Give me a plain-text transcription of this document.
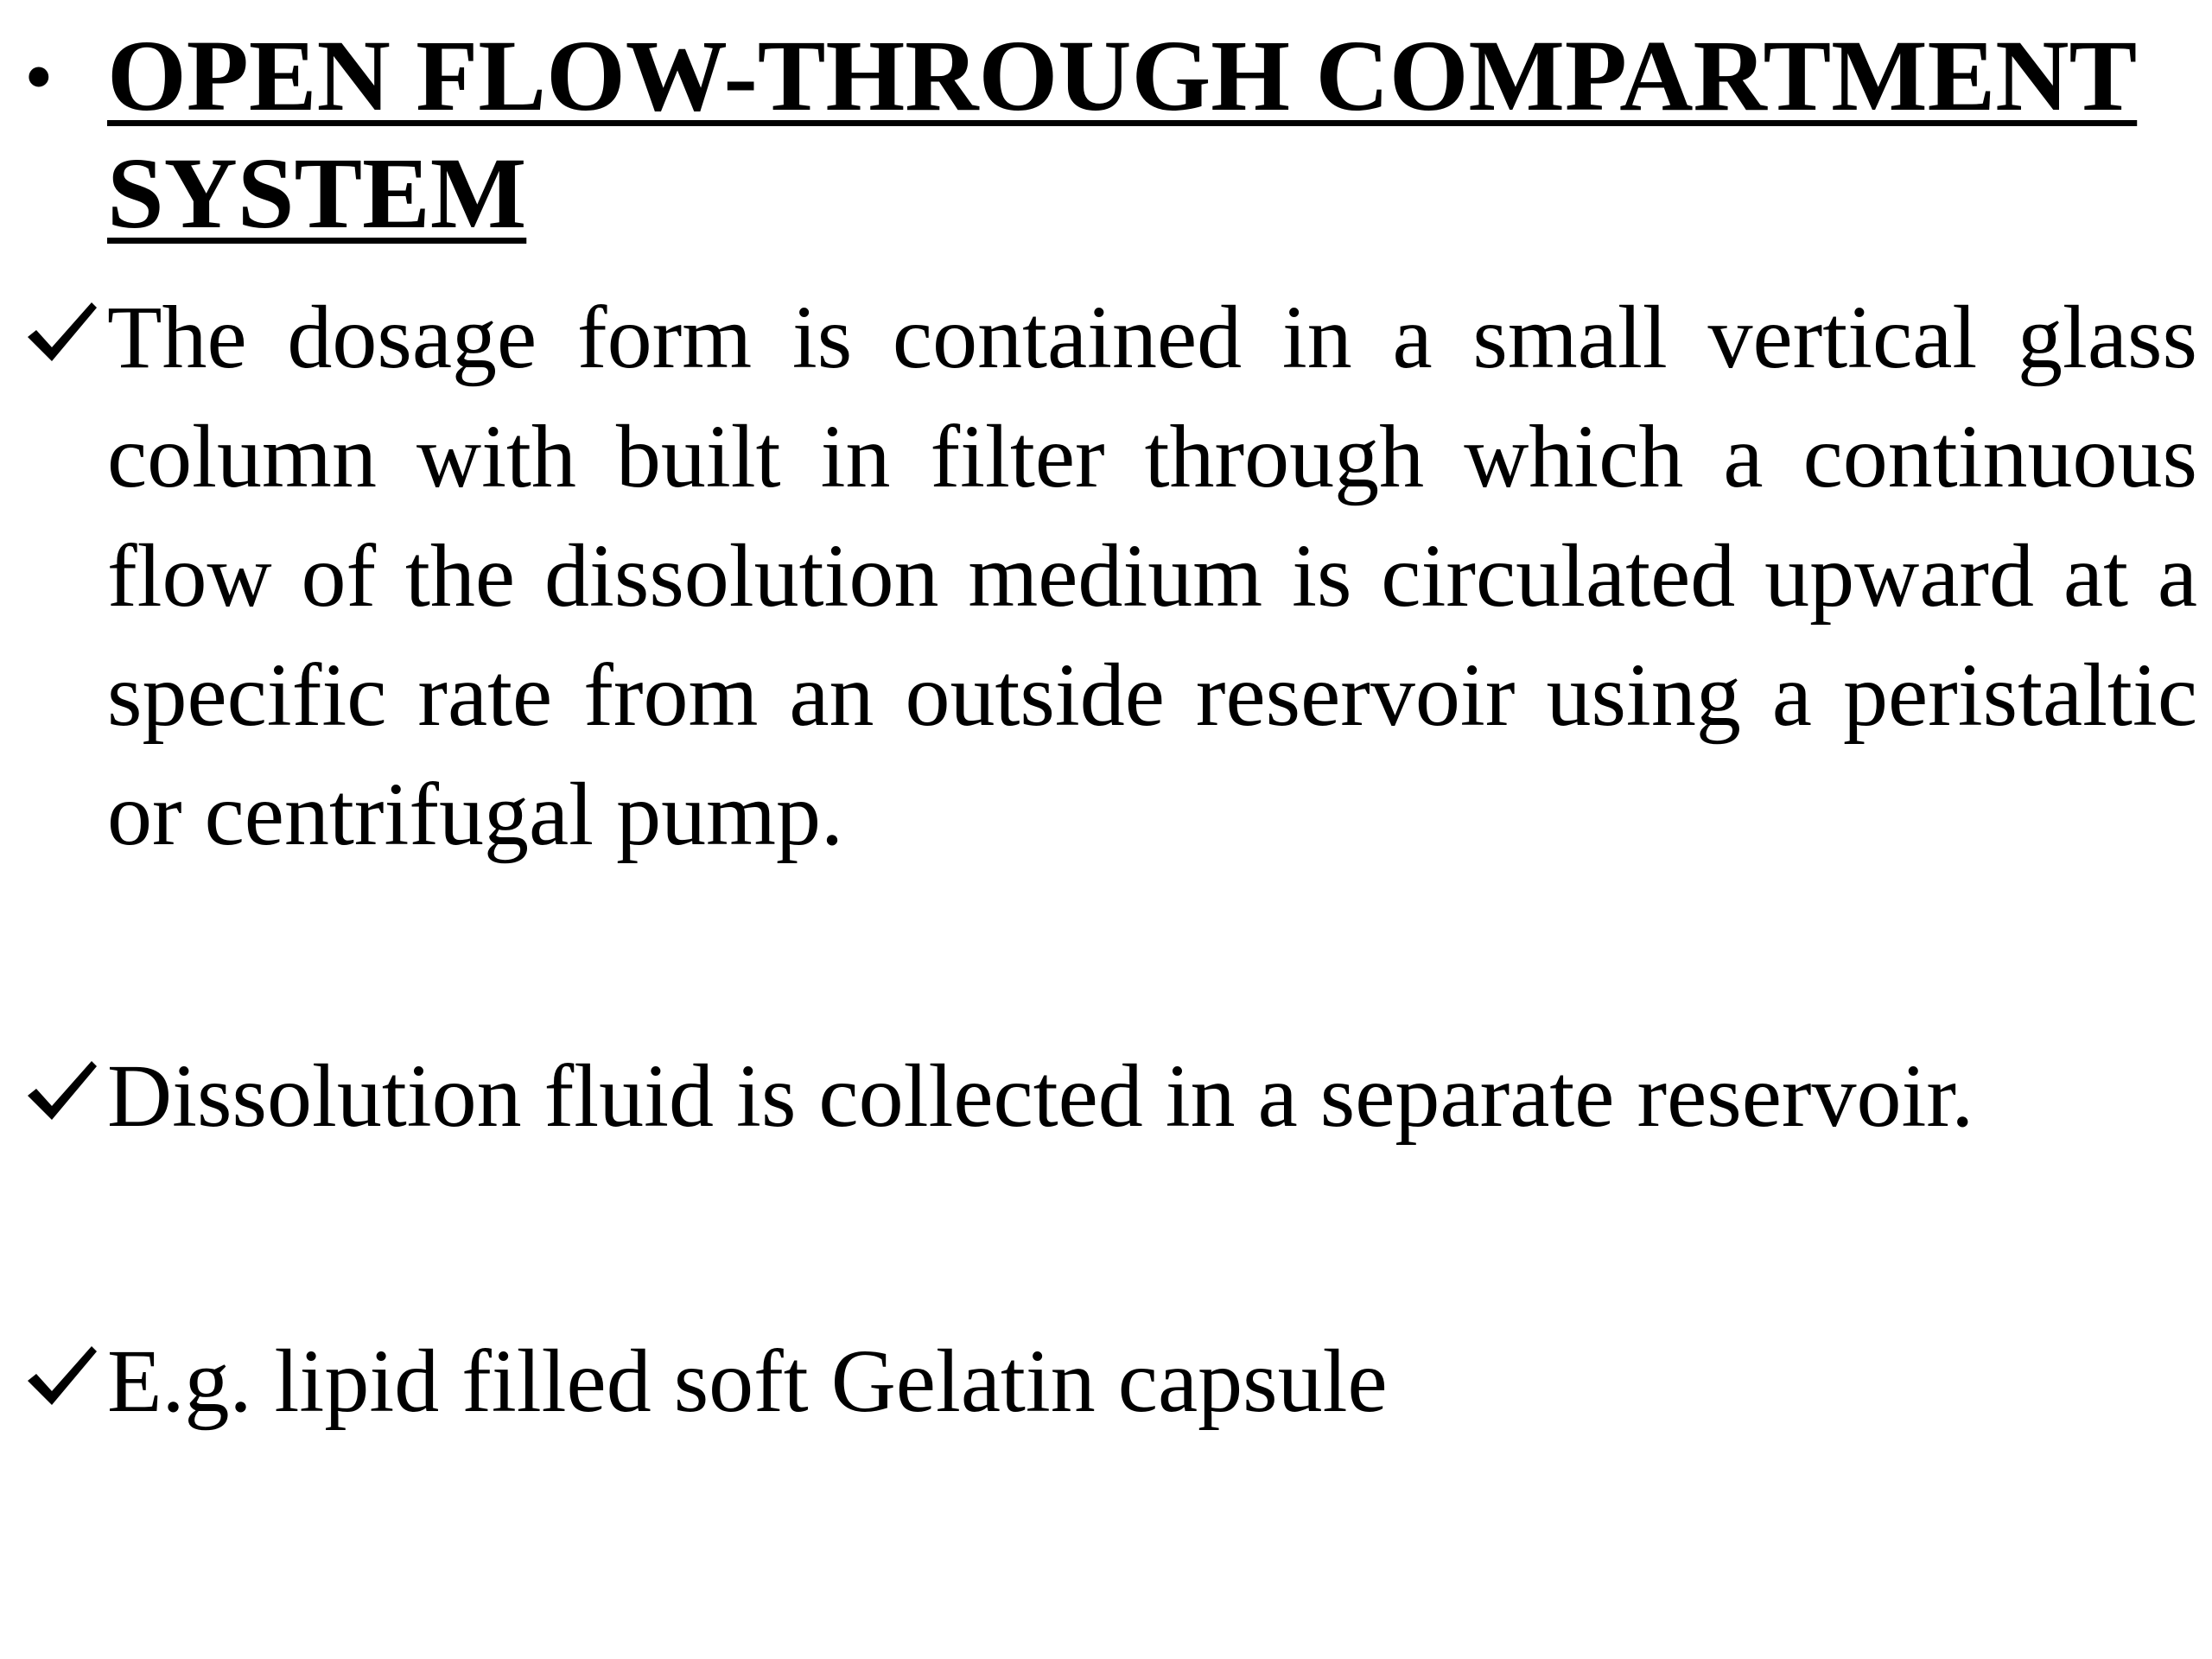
• OPEN FLOW-THROUGH COMPARTMENT SYSTEM

The dosage form is contained in a small vertical glass column with built in filter through which a continuous flow of the dissolution medium is circulated upward at a specific rate from an outside reservoir using a peristaltic or centrifugal pump.

Dissolution fluid is collected in a separate reservoir.

E.g. lipid filled soft Gelatin capsule
